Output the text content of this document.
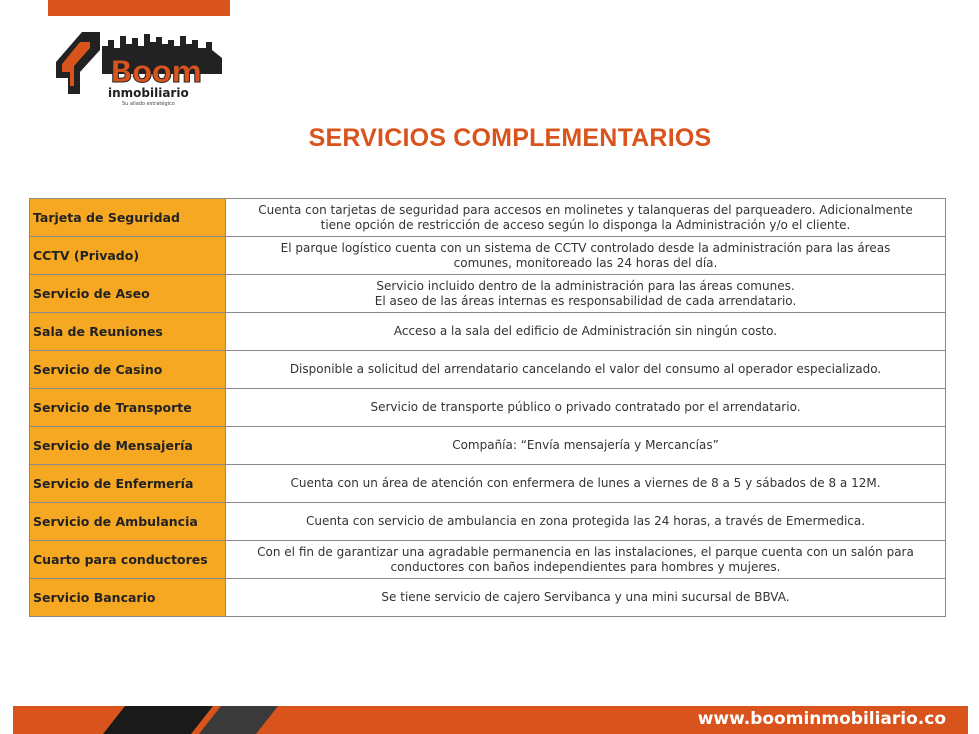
Boom
inmobiliario
Su aliado estratégico
SERVICIOS COMPLEMENTARIOS
Tarjeta de Seguridad	Cuenta con tarjetas de seguridad para accesos en molinetes y talanqueras del parqueadero. Adicionalmente
tiene opción de restricción de acceso según lo disponga la Administración y/o el cliente.
CCTV (Privado)	El parque logístico cuenta con un sistema de CCTV controlado desde la administración para las áreas
comunes, monitoreado las 24 horas del día.
Servicio de Aseo	Servicio incluido dentro de la administración para las áreas comunes.
El aseo de las áreas internas es responsabilidad de cada arrendatario.
Sala de Reuniones	Acceso a la sala del edificio de Administración sin ningún costo.
Servicio de Casino	Disponible a solicitud del arrendatario cancelando el valor del consumo al operador especializado.
Servicio de Transporte	Servicio de transporte público o privado contratado por el arrendatario.
Servicio de Mensajería	Compañía: “Envía mensajería y Mercancías”
Servicio de Enfermería	Cuenta con un área de atención con enfermera de lunes a viernes de 8 a 5 y sábados de 8 a 12M.
Servicio de Ambulancia	Cuenta con servicio de ambulancia en zona protegida las 24 horas, a través de Emermedica.
Cuarto para conductores	Con el fin de garantizar una agradable permanencia en las instalaciones, el parque cuenta con un salón para
conductores con baños independientes para hombres y mujeres.
Servicio Bancario	Se tiene servicio de cajero Servibanca y una mini sucursal de BBVA.
www.boominmobiliario.co
